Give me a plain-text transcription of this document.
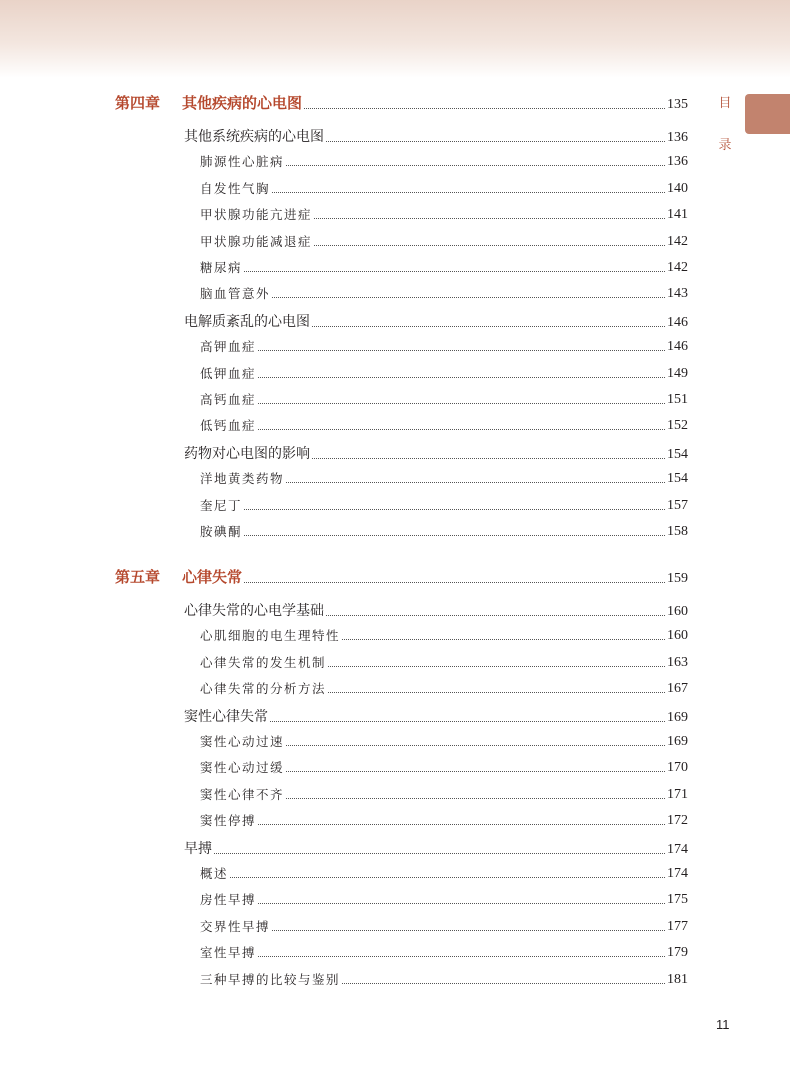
目
录
第四章 其他疾病的心电图	135
其他系统疾病的心电图	136
肺源性心脏病	136
自发性气胸	140
甲状腺功能亢进症	141
甲状腺功能减退症	142
糖尿病	142
脑血管意外	143
电解质紊乱的心电图	146
高钾血症	146
低钾血症	149
高钙血症	151
低钙血症	152
药物对心电图的影响	154
洋地黄类药物	154
奎尼丁	157
胺碘酮	158
第五章 心律失常	159
心律失常的心电学基础	160
心肌细胞的电生理特性	160
心律失常的发生机制	163
心律失常的分析方法	167
窦性心律失常	169
窦性心动过速	169
窦性心动过缓	170
窦性心律不齐	171
窦性停搏	172
早搏	174
概述	174
房性早搏	175
交界性早搏	177
室性早搏	179
三种早搏的比较与鉴别	181
11
